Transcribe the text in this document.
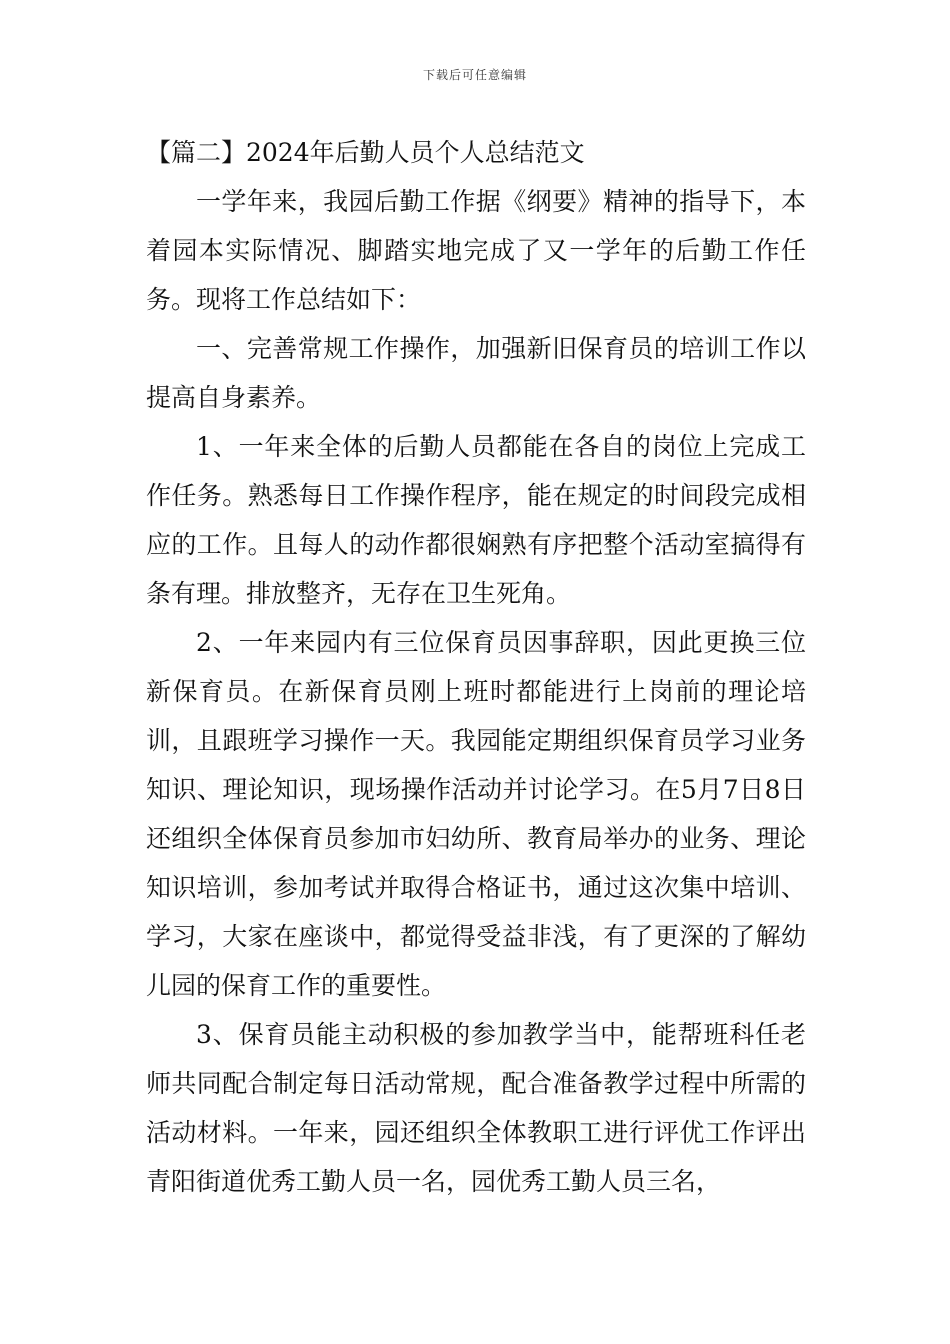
下载后可任意编辑

【篇二】2024年后勤人员个人总结范文

一学年来，我园后勤工作据《纲要》精神的指导下，本着园本实际情况、脚踏实地完成了又一学年的后勤工作任务。现将工作总结如下：

一、完善常规工作操作，加强新旧保育员的培训工作以提高自身素养。

1、一年来全体的后勤人员都能在各自的岗位上完成工作任务。熟悉每日工作操作程序，能在规定的时间段完成相应的工作。且每人的动作都很娴熟有序把整个活动室搞得有条有理。排放整齐，无存在卫生死角。

2、一年来园内有三位保育员因事辞职，因此更换三位新保育员。在新保育员刚上班时都能进行上岗前的理论培训，且跟班学习操作一天。我园能定期组织保育员学习业务知识、理论知识，现场操作活动并讨论学习。在5月7日8日还组织全体保育员参加市妇幼所、教育局举办的业务、理论知识培训，参加考试并取得合格证书，通过这次集中培训、学习，大家在座谈中，都觉得受益非浅，有了更深的了解幼儿园的保育工作的重要性。

3、保育员能主动积极的参加教学当中，能帮班科任老师共同配合制定每日活动常规，配合准备教学过程中所需的活动材料。一年来，园还组织全体教职工进行评优工作评出青阳街道优秀工勤人员一名，园优秀工勤人员三名，
